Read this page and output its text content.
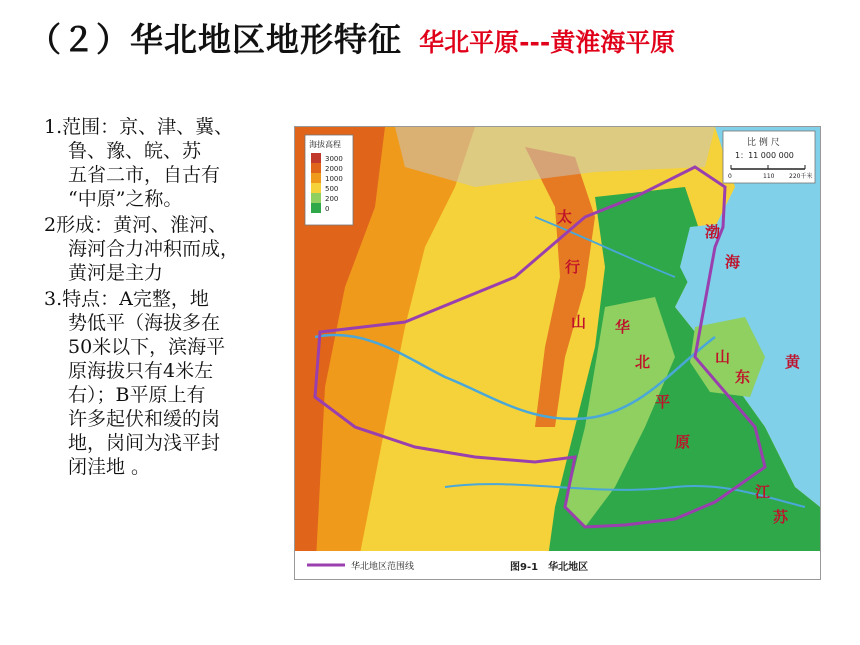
（２）华北地区地形特征 华北平原---黄淮海平原

1.范围：京、津、冀、
鲁、豫、皖、苏
五省二市，自古有
“中原”之称。

2形成：黄河、淮河、
海河合力冲积而成，
黄河是主力

3.特点：A完整，地
势低平（海拔多在
50米以下，滨海平
原海拔只有4米左
右）；B平原上有
许多起伏和缓的岗
地，岗间为浅平封
闭洼地 。

海拔高程
3000
2000
1000
500
200
0
比 例 尺
1：11 000 000
0	110 220千米
太
行
山 华
北
平
原
渤
海
黄
山
东
江
苏
华北地区范围线	图9-1　华北地区
